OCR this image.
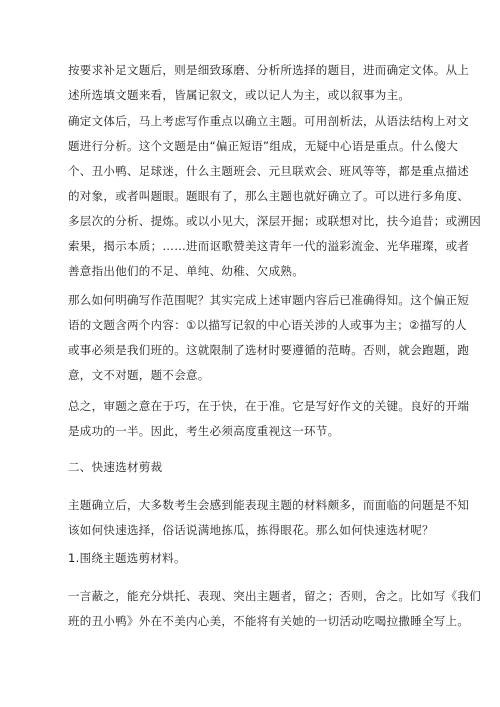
按要求补足文题后，则是细致琢磨、分析所选择的题目，进而确定文体。从上
述所选填文题来看，皆属记叙文，或以记人为主，或以叙事为主。
确定文体后，马上考虑写作重点以确立主题。可用剖析法，从语法结构上对文
题进行分析。这个文题是由“偏正短语”组成，无疑中心语是重点。什么傻大
个、丑小鸭、足球迷，什么主题班会、元旦联欢会、班风等等，都是重点描述
的对象，或者叫题眼。题眼有了，那么主题也就好确立了。可以进行多角度、
多层次的分析、提炼。或以小见大，深层开掘；或联想对比，扶今追昔；或溯因
索果，揭示本质；……进而讴歌赞美这青年一代的溢彩流金、光华璀璨，或者
善意指出他们的不足、单纯、幼稚、欠成熟。
那么如何明确写作范围呢？其实完成上述审题内容后已准确得知。这个偏正短
语的文题含两个内容：①以描写记叙的中心语关涉的人或事为主；②描写的人
或事必须是我们班的。这就限制了选材时要遵循的范畴。否则，就会跑题，跑
意，文不对题，题不会意。
总之，审题之意在于巧，在于快，在于准。它是写好作文的关键。良好的开端
是成功的一半。因此，考生必须高度重视这一环节。
二、快速选材剪裁
主题确立后，大多数考生会感到能表现主题的材料颇多，而面临的问题是不知
该如何快速选择，俗话说满地拣瓜，拣得眼花。那么如何快速选材呢？
1.围绕主题选剪材料。
一言蔽之，能充分烘托、表现、突出主题者，留之；否则，舍之。比如写《我们
班的丑小鸭》外在不美内心美，不能将有关她的一切活动吃喝拉撒睡全写上。
